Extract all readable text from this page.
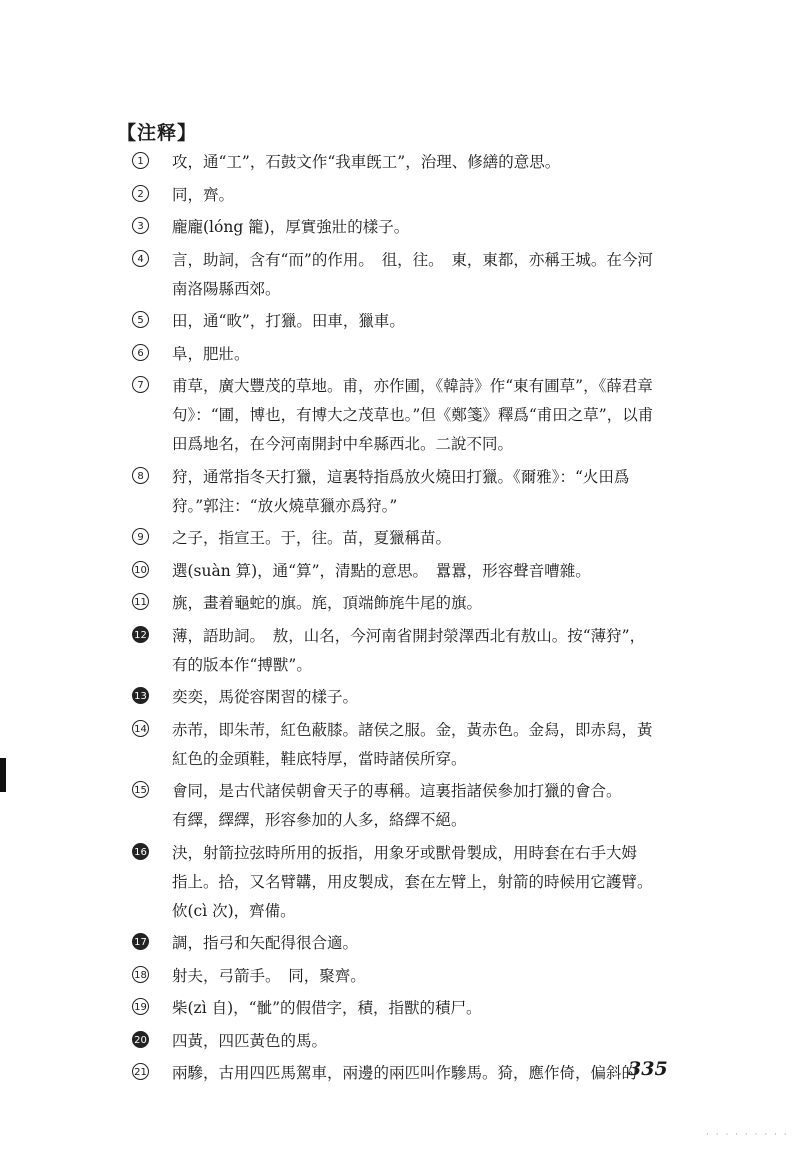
【注释】
1	攻，通“工”，石鼓文作“我車旣工”，治理、修繕的意思。
2	同，齊。
3	龐龐(lóng 籠)，厚實強壯的樣子。
4	言，助詞，含有“而”的作用。　徂，往。　東，東都，亦稱王城。在今河
南洛陽縣西郊。
5	田，通“畋”，打獵。田車，獵車。
6	阜，肥壯。
7	甫草，廣大豐茂的草地。甫，亦作圃，《韓詩》作“東有圃草”，《薛君章
句》：“圃，博也，有博大之茂草也。”但《鄭箋》釋爲“甫田之草”，以甫
田爲地名，在今河南開封中牟縣西北。二說不同。
8	狩，通常指冬天打獵，這裏特指爲放火燒田打獵。《爾雅》：“火田爲
狩。”郭注：“放火燒草獵亦爲狩。”
9	之子，指宣王。于，往。苗，夏獵稱苗。
10 選(suàn 算)，通“算”，清點的意思。　囂囂，形容聲音嘈雜。
11 旐，畫着龜蛇的旗。旄，頂端飾旄牛尾的旗。
12 薄，語助詞。　敖，山名，今河南省開封滎澤西北有敖山。按“薄狩”，
有的版本作“搏獸”。
13 奕奕，馬從容閑習的樣子。
14 赤芾，即朱芾，紅色蔽膝。諸侯之服。金，黃赤色。金舄，即赤舄，黃
紅色的金頭鞋，鞋底特厚，當時諸侯所穿。
15 會同，是古代諸侯朝會天子的專稱。這裏指諸侯參加打獵的會合。
有繹，繹繹，形容參加的人多，絡繹不絕。
16 決，射箭拉弦時所用的扳指，用象牙或獸骨製成，用時套在右手大姆
指上。拾，又名臂韝，用皮製成，套在左臂上，射箭的時候用它護臂。
佽(cì 次)，齊備。
17 調，指弓和矢配得很合適。
18 射夫，弓箭手。　同，聚齊。
19 柴(zì 自)，“骴”的假借字，積，指獸的積尸。
20 四黃，四匹黃色的馬。
21 兩驂，古用四匹馬駕車，兩邊的兩匹叫作驂馬。猗，應作倚，偏斜的
· · · · · · · · ·
335
